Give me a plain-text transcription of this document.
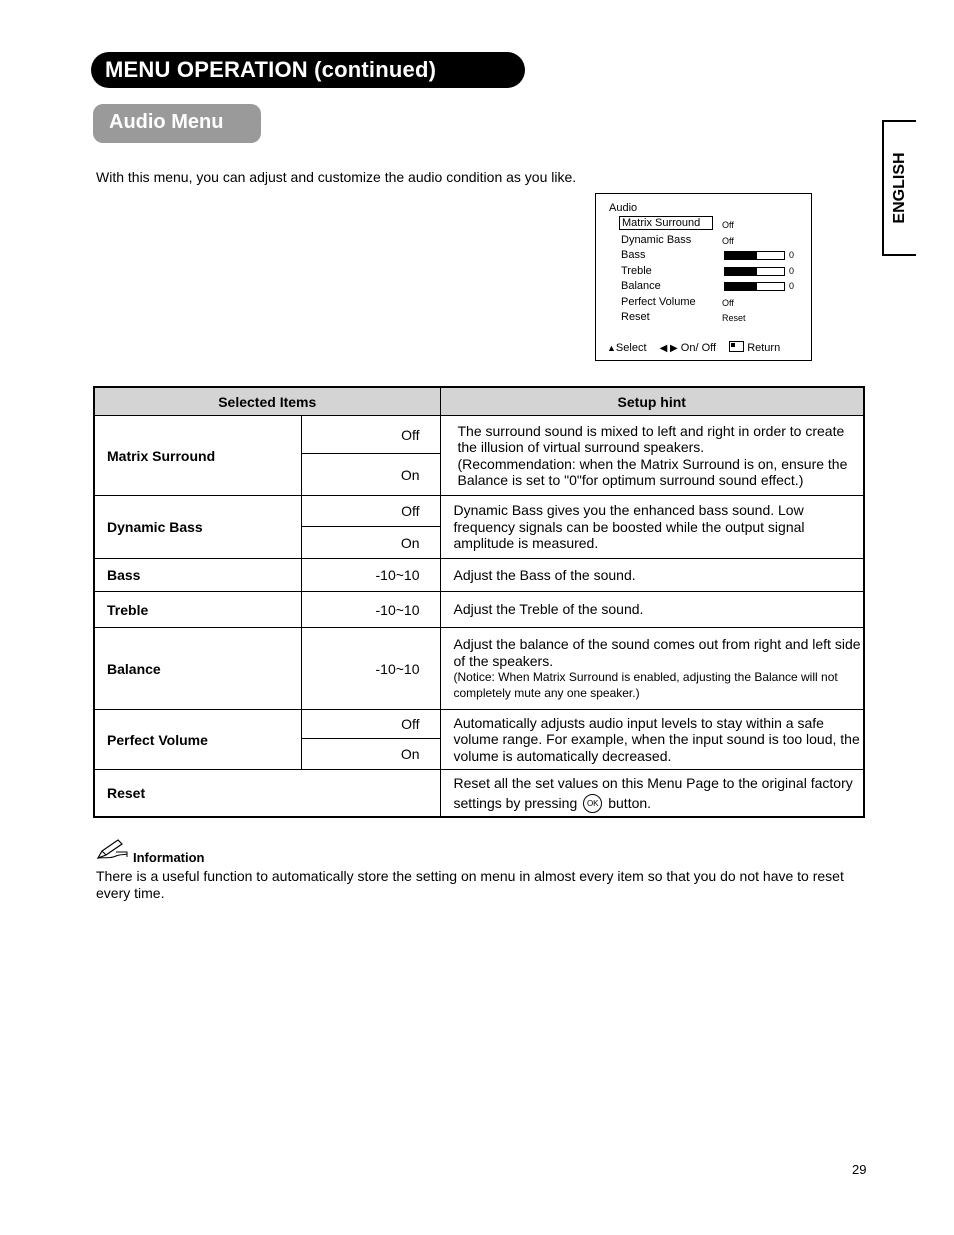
MENU OPERATION (continued)
Audio Menu
ENGLISH
With this menu, you can adjust and customize the audio condition as you like.
Audio
Matrix Surround	Off
Dynamic Bass	Off
Bass	0
Treble	0
Balance	0
Perfect Volume	Off
Reset	Reset
▲Select ◀ ▶ On/ Off	Return
Selected Items		Setup hint
Matrix Surround	Off	The surround sound is mixed to left and right in order to create the illusion of virtual surround speakers.
(Recommendation: when the Matrix Surround is on, ensure the Balance is set to "0"for optimum surround sound effect.)

	On	
Dynamic Bass	Off	Dynamic Bass gives you the enhanced bass sound. Low frequency signals can be boosted while the output signal amplitude is measured.
	On	
Bass	-10~10	Adjust the Bass of the sound.
Treble	-10~10	Adjust the Treble of the sound.
Balance	-10~10	Adjust the balance of the sound comes out from right and left side of the speakers.
(Notice: When Matrix Surround is enabled, adjusting the Balance will not completely mute any one speaker.)

Perfect Volume	Off	Automatically adjusts audio input levels to stay within a safe volume range. For example, when the input sound is too loud, the volume is automatically decreased.
	On	
Reset		Reset all the set values on this Menu Page to the original factory settings by pressing OK button.
Information
There is a useful function to automatically store the setting on menu in almost every item so that you do not have to reset every time.
29
